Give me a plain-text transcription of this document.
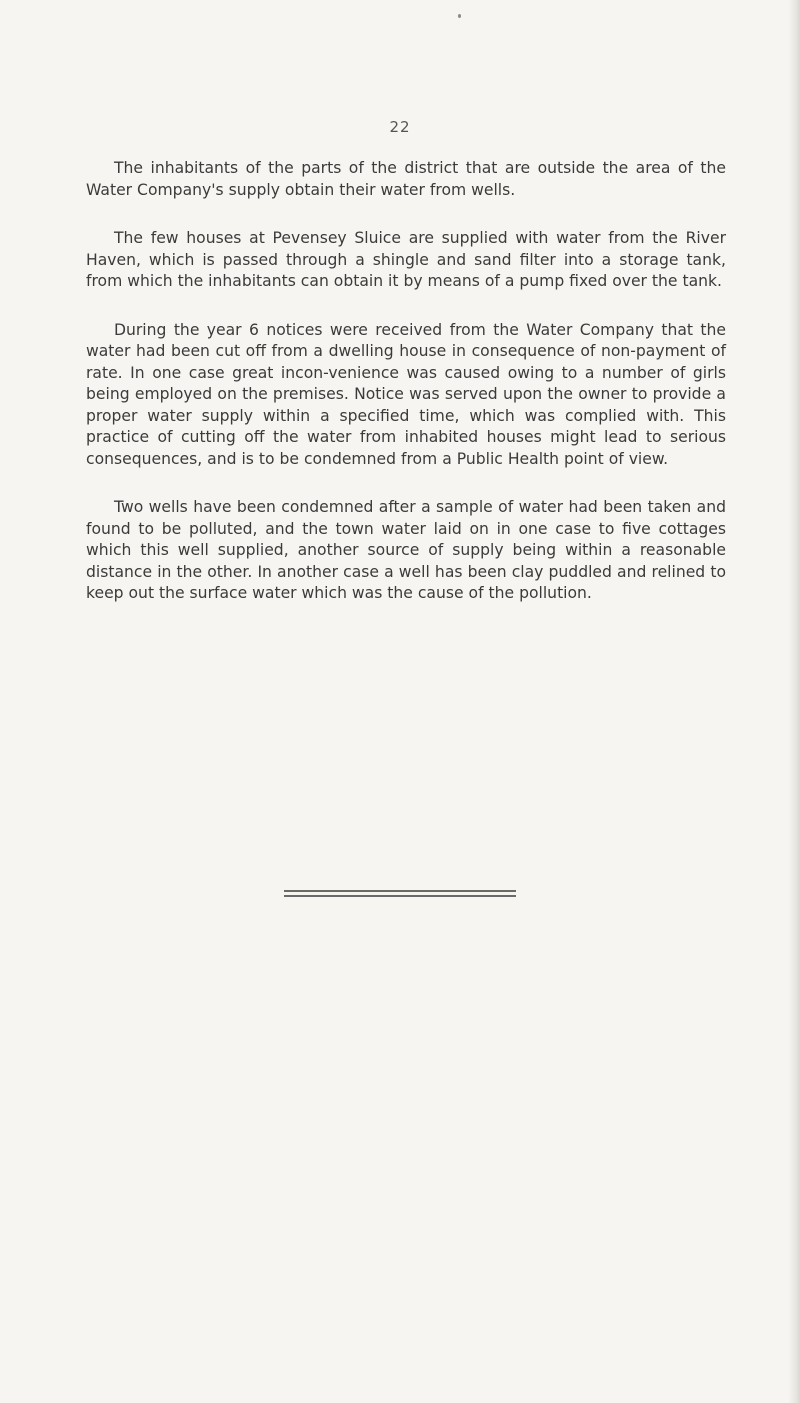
22

The inhabitants of the parts of the district that are outside the area of the Water Company's supply obtain their water from wells.

The few houses at Pevensey Sluice are supplied with water from the River Haven, which is passed through a shingle and sand filter into a storage tank, from which the inhabitants can obtain it by means of a pump fixed over the tank.

During the year 6 notices were received from the Water Company that the water had been cut off from a dwelling house in consequence of non-payment of rate. In one case great incon-venience was caused owing to a number of girls being employed on the premises. Notice was served upon the owner to provide a proper water supply within a specified time, which was complied with. This practice of cutting off the water from inhabited houses might lead to serious consequences, and is to be condemned from a Public Health point of view.

Two wells have been condemned after a sample of water had been taken and found to be polluted, and the town water laid on in one case to five cottages which this well supplied, another source of supply being within a reasonable distance in the other. In another case a well has been clay puddled and relined to keep out the surface water which was the cause of the pollution.
